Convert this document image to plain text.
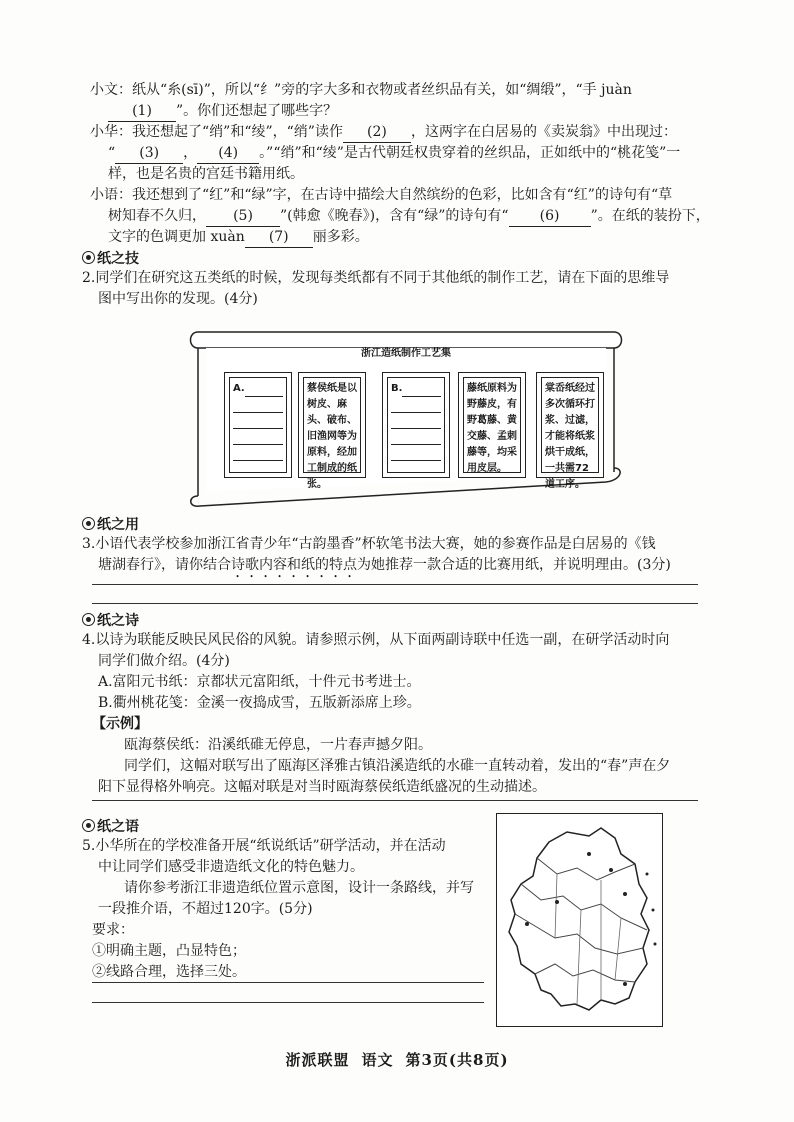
小文：纸从“糸(sī)”，所以“纟”旁的字大多和衣物或者丝织品有关，如“绸缎”，“手 juàn
(1) ”。你们还想起了哪些字？
小华：我还想起了“绡”和“绫”，“绡”读作 (2) ，这两字在白居易的《卖炭翁》中出现过：
“ (3) ， (4) 。”“绡”和“绫”是古代朝廷权贵穿着的丝织品，正如纸中的“桃花笺”一
样，也是名贵的宫廷书籍用纸。
小语：我还想到了“红”和“绿”字，在古诗中描绘大自然缤纷的色彩，比如含有“红”的诗句有“草
树知春不久归， (5) ”(韩愈《晚春》)，含有“绿”的诗句有“ (6) ”。在纸的装扮下，
文字的色调更加 xuàn (7) 丽多彩。
纸之技
2.同学们在研究这五类纸的时候，发现每类纸都有不同于其他纸的制作工艺，请在下面的思维导
图中写出你的发现。(4分)
浙江造纸制作工艺集
A.	蔡侯纸是以树皮、麻头、破布、旧渔网等为原料，经加工制成的纸张。
B.	藤纸原料为野藤皮，有野葛藤、黄交藤、孟刺藤等，均采用皮层。
棠岙纸经过多次循环打浆、过滤，才能将纸浆烘干成纸，一共需72道工序。
纸之用
3.小语代表学校参加浙江省青少年“古韵墨香”杯软笔书法大赛，她的参赛作品是白居易的《钱
塘湖春行》，请你结合诗歌内容和纸的特点为她推荐一款合适的比赛用纸，并说明理由。(3分)
纸之诗
4.以诗为联能反映民风民俗的风貌。请参照示例，从下面两副诗联中任选一副，在研学活动时向
同学们做介绍。(4分)
A.富阳元书纸：京都状元富阳纸，十件元书考进士。
B.衢州桃花笺：金溪一夜捣成雪，五版新添席上珍。
【示例】
瓯海蔡侯纸：沿溪纸碓无停息，一片春声撼夕阳。
同学们，这幅对联写出了瓯海区泽雅古镇沿溪造纸的水碓一直转动着，发出的“春”声在夕
阳下显得格外响亮。这幅对联是对当时瓯海蔡侯纸造纸盛况的生动描述。
纸之语
5.小华所在的学校准备开展“纸说纸话”研学活动，并在活动
中让同学们感受非遗造纸文化的特色魅力。
请你参考浙江非遗造纸位置示意图，设计一条路线，并写
一段推介语，不超过120字。(5分)
要求：
①明确主题，凸显特色；
②线路合理，选择三处。
浙派联盟 语文 第3页(共8页)
